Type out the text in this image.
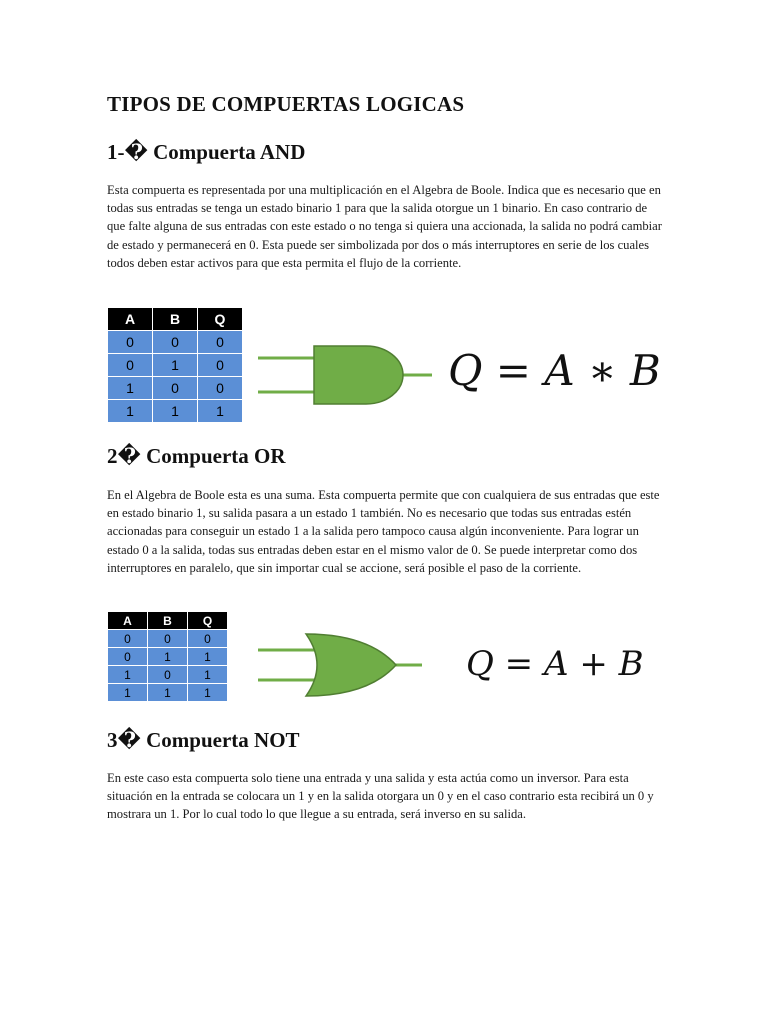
TIPOS DE COMPUERTAS LOGICAS
1-� Compuerta AND

Esta compuerta es representada por una multiplicación en el Algebra de Boole. Indica que es necesario que en todas sus entradas se tenga un estado binario 1 para que la salida otorgue un 1 binario. En caso contrario de que falte alguna de sus entradas con este estado o no tenga si quiera una accionada, la salida no podrá cambiar de estado y permanecerá en 0. Esta puede ser simbolizada por dos o más interruptores en serie de los cuales todos deben estar activos para que esta permita el flujo de la corriente.

A	B	Q
0	0	0
0	1	0
1	0	0
1	1	1
Q = A ∗ B
2� Compuerta OR

En el Algebra de Boole esta es una suma. Esta compuerta permite que con cualquiera de sus entradas que este en estado binario 1, su salida pasara a un estado 1 también. No es necesario que todas sus entradas estén accionadas para conseguir un estado 1 a la salida pero tampoco causa algún inconveniente. Para lograr un estado 0 a la salida, todas sus entradas deben estar en el mismo valor de 0. Se puede interpretar como dos interruptores en paralelo, que sin importar cual se accione, será posible el paso de la corriente.

A	B	Q
0	0	0
0	1	1
1	0	1
1	1	1
Q = A + B
3� Compuerta NOT

En este caso esta compuerta solo tiene una entrada y una salida y esta actúa como un inversor. Para esta situación en la entrada se colocara un 1 y en la salida otorgara un 0 y en el caso contrario esta recibirá un 0 y mostrara un 1. Por lo cual todo lo que llegue a su entrada, será inverso en su salida.
